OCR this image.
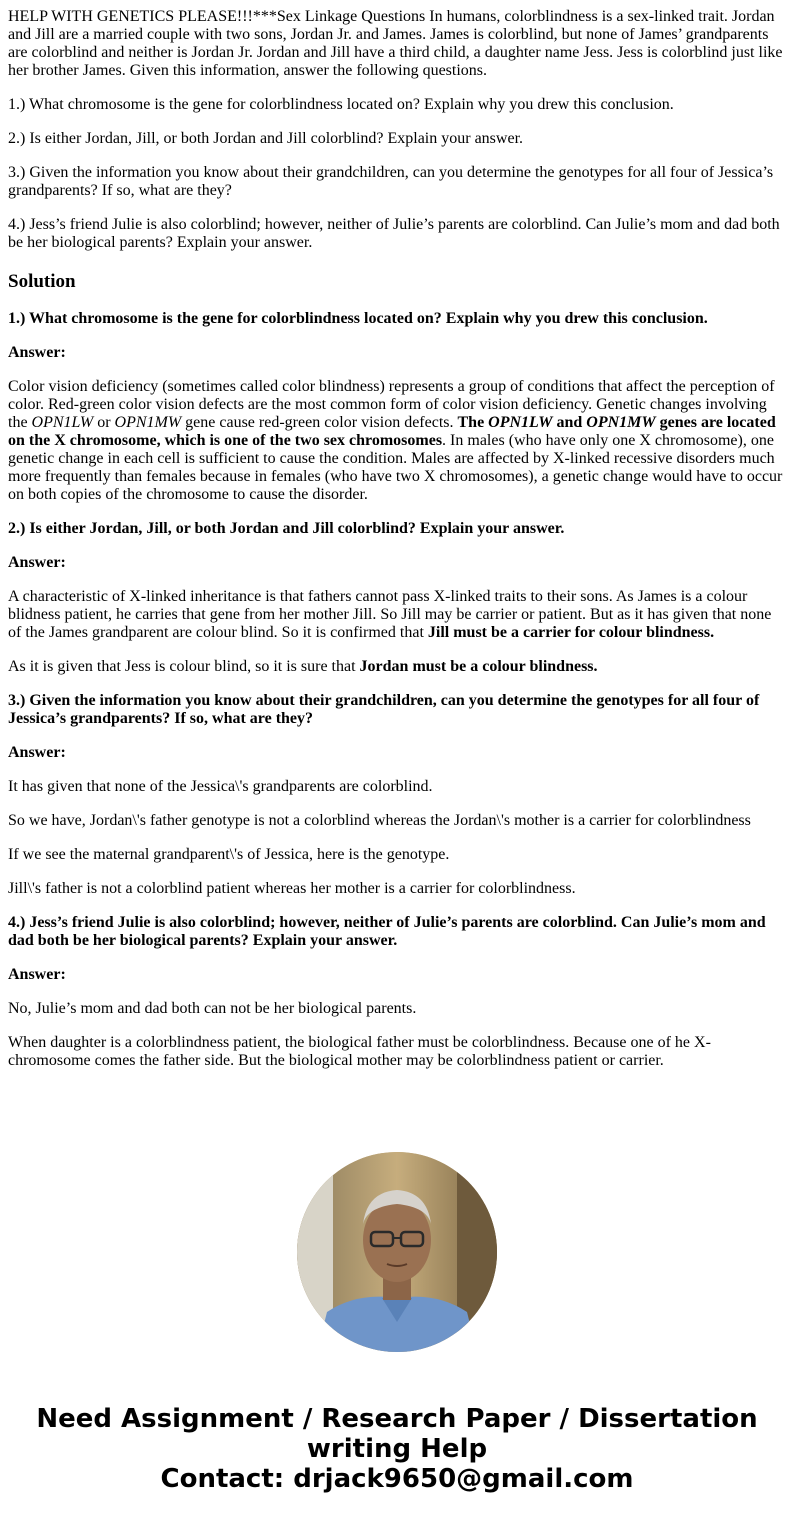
HELP WITH GENETICS PLEASE!!!***Sex Linkage Questions In humans, colorblindness is a sex-linked trait. Jordan and Jill are a married couple with two sons, Jordan Jr. and James. James is colorblind, but none of James’ grandparents are colorblind and neither is Jordan Jr. Jordan and Jill have a third child, a daughter name Jess. Jess is colorblind just like her brother James. Given this information, answer the following questions.

1.) What chromosome is the gene for colorblindness located on? Explain why you drew this conclusion.

2.) Is either Jordan, Jill, or both Jordan and Jill colorblind? Explain your answer.

3.) Given the information you know about their grandchildren, can you determine the genotypes for all four of Jessica’s grandparents? If so, what are they?

4.) Jess’s friend Julie is also colorblind; however, neither of Julie’s parents are colorblind. Can Julie’s mom and dad both be her biological parents? Explain your answer.

Solution

1.) What chromosome is the gene for colorblindness located on? Explain why you drew this conclusion.

Answer:

Color vision deficiency (sometimes called color blindness) represents a group of conditions that affect the perception of color. Red-green color vision defects are the most common form of color vision deficiency. Genetic changes involving the OPN1LW or OPN1MW gene cause red-green color vision defects. The OPN1LW and OPN1MW genes are located on the X chromosome, which is one of the two sex chromosomes. In males (who have only one X chromosome), one genetic change in each cell is sufficient to cause the condition. Males are affected by X-linked recessive disorders much more frequently than females because in females (who have two X chromosomes), a genetic change would have to occur on both copies of the chromosome to cause the disorder.

2.) Is either Jordan, Jill, or both Jordan and Jill colorblind? Explain your answer.

Answer:

A characteristic of X-linked inheritance is that fathers cannot pass X-linked traits to their sons. As James is a colour blidness patient, he carries that gene from her mother Jill. So Jill may be carrier or patient. But as it has given that none of the James grandparent are colour blind. So it is confirmed that Jill must be a carrier for colour blindness.

As it is given that Jess is colour blind, so it is sure that Jordan must be a colour blindness.

3.) Given the information you know about their grandchildren, can you determine the genotypes for all four of Jessica’s grandparents? If so, what are they?

Answer:

It has given that none of the Jessica\'s grandparents are colorblind.

So we have, Jordan\'s father genotype is not a colorblind whereas the Jordan\'s mother is a carrier for colorblindness

If we see the maternal grandparent\'s of Jessica, here is the genotype.

Jill\'s father is not a colorblind patient whereas her mother is a carrier for colorblindness.

4.) Jess’s friend Julie is also colorblind; however, neither of Julie’s parents are colorblind. Can Julie’s mom and dad both be her biological parents? Explain your answer.

Answer:

No, Julie’s mom and dad both can not be her biological parents.

When daughter is a colorblindness patient, the biological father must be colorblindness. Because one of he X-chromosome comes the father side. But the biological mother may be colorblindness patient or carrier.

Need Assignment / Research Paper / Dissertation
writing Help
Contact: drjack9650@gmail.com
